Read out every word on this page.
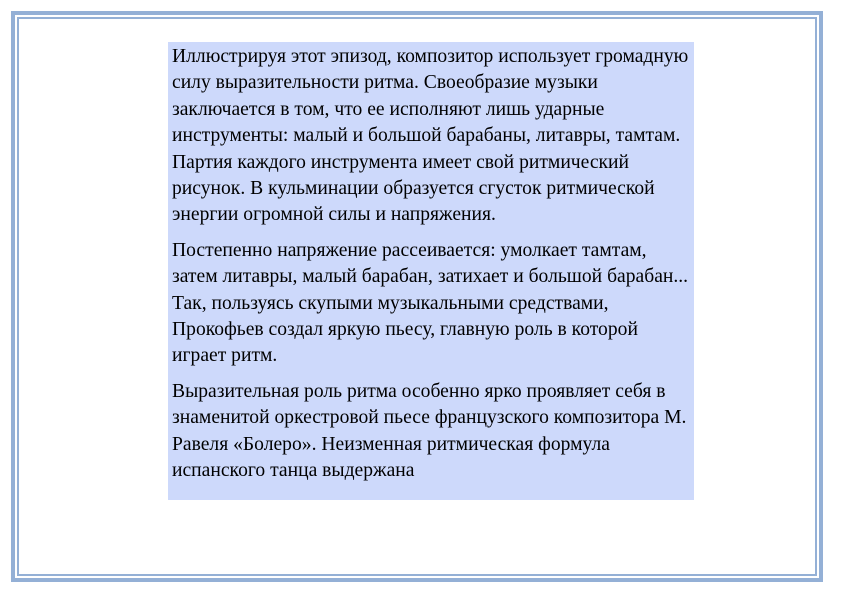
Иллюстрируя этот эпизод, композитор использует громадную силу выразительности ритма. Своеобразие музыки заключается в том, что ее исполняют лишь ударные инструменты: малый и большой барабаны, литавры, тамтам. Партия каждого инструмента имеет свой ритмический рисунок. В кульминации образуется сгусток ритмической энергии огромной силы и напряжения.

Постепенно напряжение рассеивается: умолкает тамтам, затем литавры, малый барабан, затихает и большой барабан... Так, пользуясь скупыми музыкальными средствами, Прокофьев создал яркую пьесу, главную роль в которой играет ритм.

Выразительная роль ритма особенно ярко проявляет себя в знаменитой оркестровой пьесе французского композитора М. Равеля «Болеро». Неизменная ритмическая формула испанского танца выдержана
